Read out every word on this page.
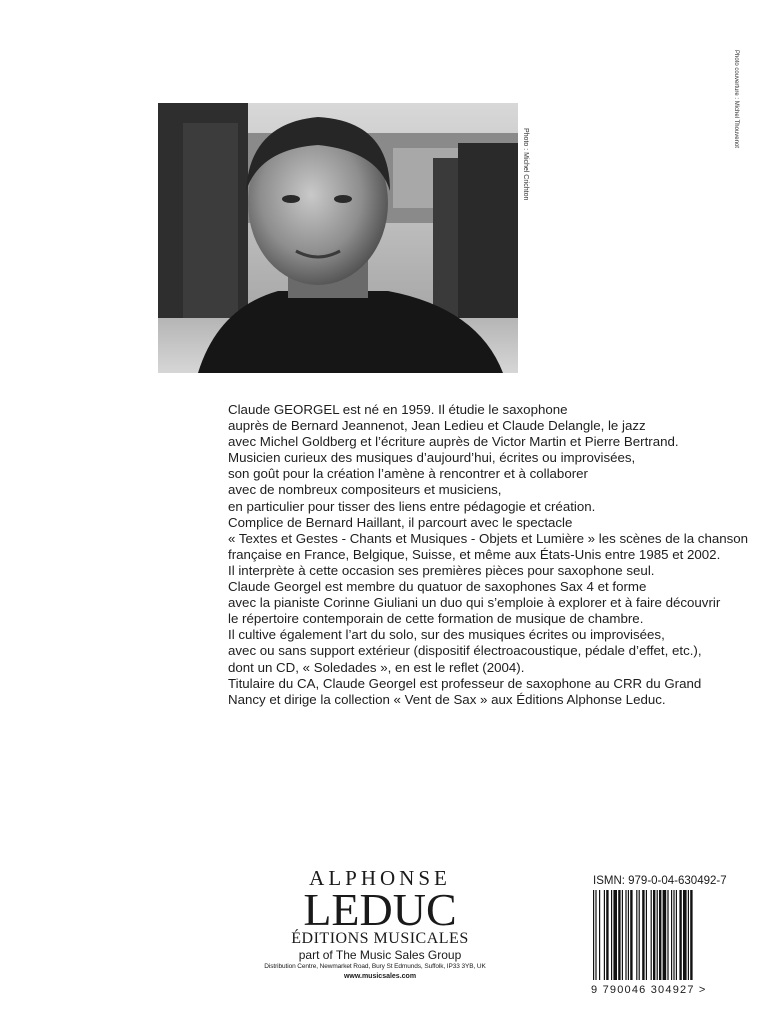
Photo couverture : Michel Thouvenot
Photo : Michel Crichton
Claude GEORGEL est né en 1959. Il étudie le saxophone
auprès de Bernard Jeannenot, Jean Ledieu et Claude Delangle, le jazz
avec Michel Goldberg et l’écriture auprès de Victor Martin et Pierre Bertrand.
Musicien curieux des musiques d’aujourd’hui, écrites ou improvisées,
son goût pour la création l’amène à rencontrer et à collaborer
avec de nombreux compositeurs et musiciens,
en particulier pour tisser des liens entre pédagogie et création.
Complice de Bernard Haillant, il parcourt avec le spectacle
« Textes et Gestes - Chants et Musiques - Objets et Lumière » les scènes de la chanson
française en France, Belgique, Suisse, et même aux États-Unis entre 1985 et 2002.
Il interprète à cette occasion ses premières pièces pour saxophone seul.
Claude Georgel est membre du quatuor de saxophones Sax 4 et forme
avec la pianiste Corinne Giuliani un duo qui s’emploie à explorer et à faire découvrir
le répertoire contemporain de cette formation de musique de chambre.
Il cultive également l’art du solo, sur des musiques écrites ou improvisées,
avec ou sans support extérieur (dispositif électroacoustique, pédale d’effet, etc.),
dont un CD, « Soledades », en est le reflet (2004).
Titulaire du CA, Claude Georgel est professeur de saxophone au CRR du Grand
Nancy et dirige la collection « Vent de Sax » aux Éditions Alphonse Leduc.
ALPHONSE
LEDUC
ÉDITIONS MUSICALES
part of The Music Sales Group
Distribution Centre, Newmarket Road, Bury St Edmunds, Suffolk, IP33 3YB, UK
www.musicsales.com
ISMN: 979-0-04-630492-7
9 790046 304927 >
